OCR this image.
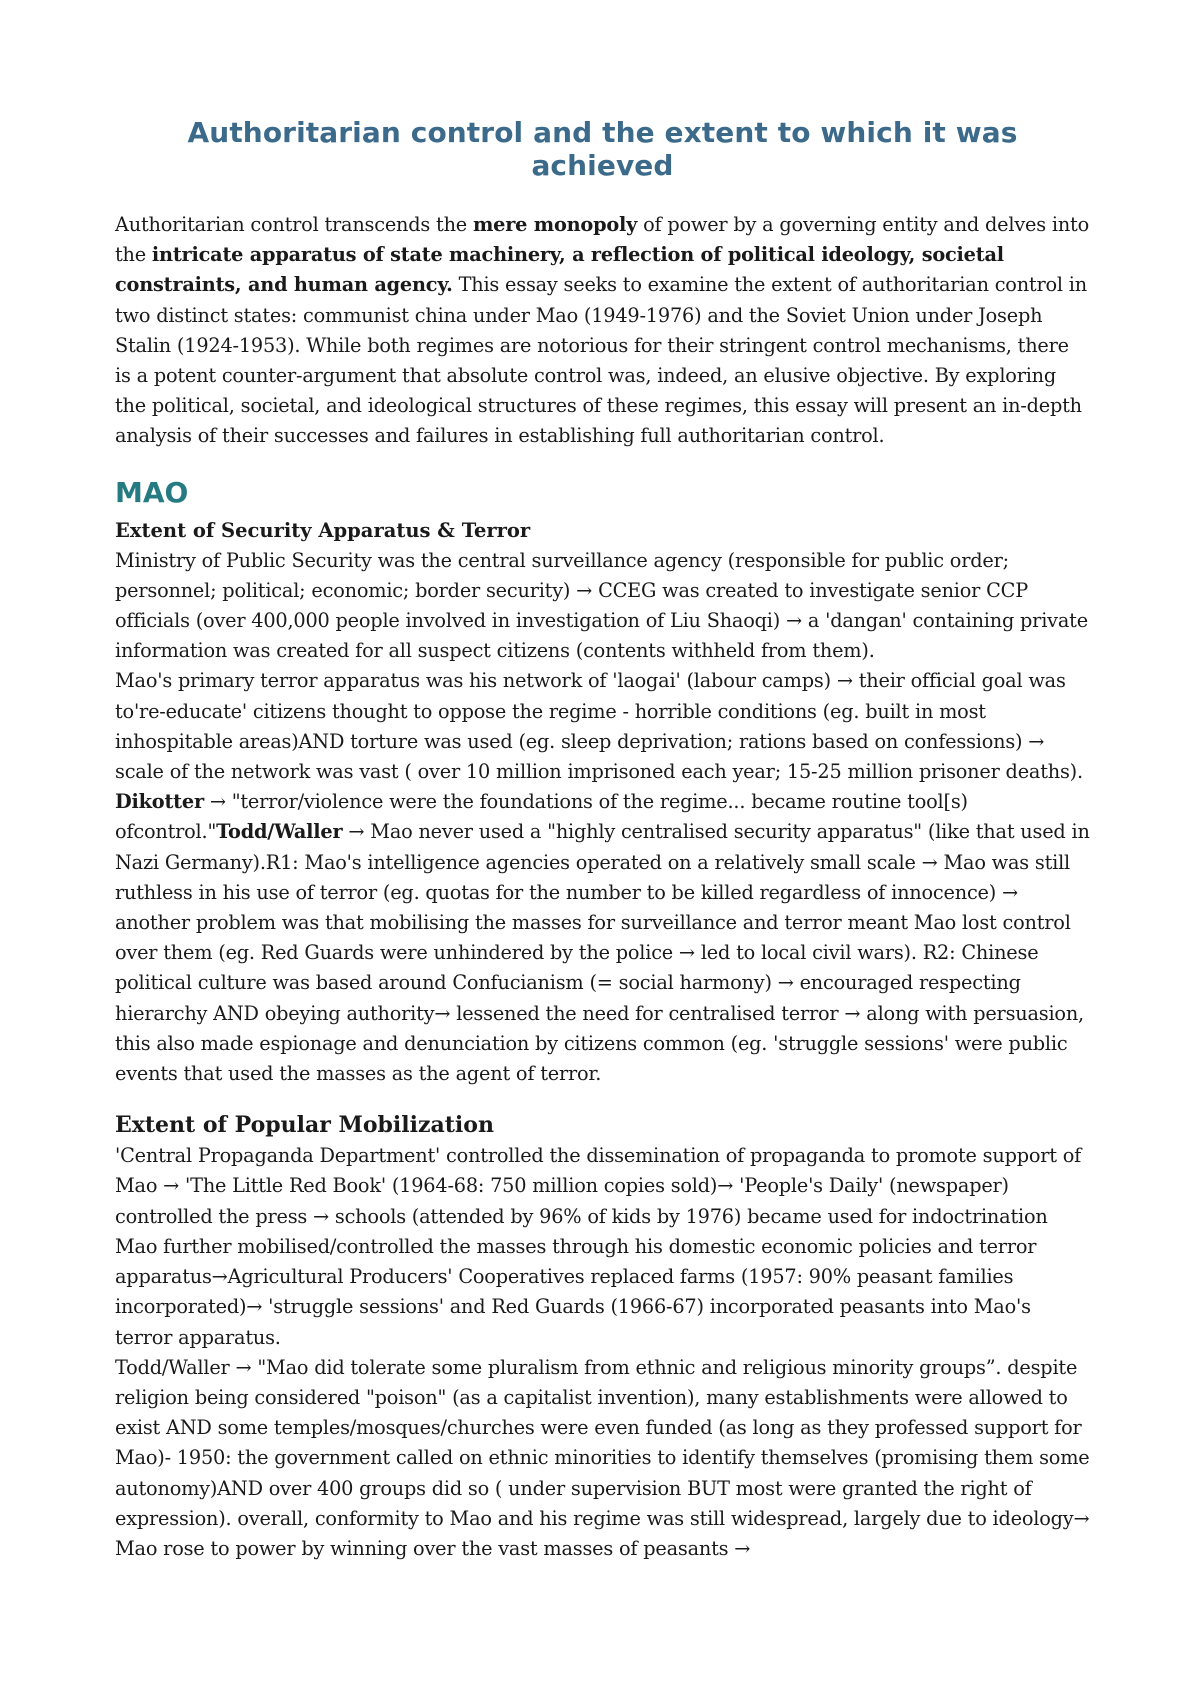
Authoritarian control and the extent to which it was achieved

Authoritarian control transcends the mere monopoly of power by a governing entity and delves into the intricate apparatus of state machinery, a reflection of political ideology, societal constraints, and human agency. This essay seeks to examine the extent of authoritarian control in two distinct states: communist china under Mao (1949-1976) and the Soviet Union under Joseph Stalin (1924-1953). While both regimes are notorious for their stringent control mechanisms, there is a potent counter-argument that absolute control was, indeed, an elusive objective. By exploring the political, societal, and ideological structures of these regimes, this essay will present an in-depth analysis of their successes and failures in establishing full authoritarian control.

MAO
Extent of Security Apparatus & Terror

Ministry of Public Security was the central surveillance agency (responsible for public order; personnel; political; economic; border security) → CCEG was created to investigate senior CCP officials (over 400,000 people involved in investigation of Liu Shaoqi) → a 'dangan' containing private information was created for all suspect citizens (contents withheld from them).

Mao's primary terror apparatus was his network of 'laogai' (labour camps) → their official goal was to're-educate' citizens thought to oppose the regime - horrible conditions (eg. built in most inhospitable areas)AND torture was used (eg. sleep deprivation; rations based on confessions) → scale of the network was vast ( over 10 million imprisoned each year; 15-25 million prisoner deaths). Dikotter → "terror/violence were the foundations of the regime... became routine tool[s) ofcontrol."Todd/Waller → Mao never used a "highly centralised security apparatus" (like that used in Nazi Germany).R1: Mao's intelligence agencies operated on a relatively small scale → Mao was still ruthless in his use of terror (eg. quotas for the number to be killed regardless of innocence) → another problem was that mobilising the masses for surveillance and terror meant Mao lost control over them (eg. Red Guards were unhindered by the police → led to local civil wars). R2: Chinese political culture was based around Confucianism (= social harmony) → encouraged respecting hierarchy AND obeying authority→ lessened the need for centralised terror → along with persuasion, this also made espionage and denunciation by citizens common (eg. 'struggle sessions' were public events that used the masses as the agent of terror.

Extent of Popular Mobilization

'Central Propaganda Department' controlled the dissemination of propaganda to promote support of Mao → 'The Little Red Book' (1964-68: 750 million copies sold)→ 'People's Daily' (newspaper) controlled the press → schools (attended by 96% of kids by 1976) became used for indoctrination Mao further mobilised/controlled the masses through his domestic economic policies and terror apparatus→Agricultural Producers' Cooperatives replaced farms (1957: 90% peasant families incorporated)→ 'struggle sessions' and Red Guards (1966-67) incorporated peasants into Mao's terror apparatus.

Todd/Waller → "Mao did tolerate some pluralism from ethnic and religious minority groups”. despite religion being considered "poison" (as a capitalist invention), many establishments were allowed to exist AND some temples/mosques/churches were even funded (as long as they professed support for Mao)- 1950: the government called on ethnic minorities to identify themselves (promising them some autonomy)AND over 400 groups did so ( under supervision BUT most were granted the right of expression). overall, conformity to Mao and his regime was still widespread, largely due to ideology→ Mao rose to power by winning over the vast masses of peasants →
